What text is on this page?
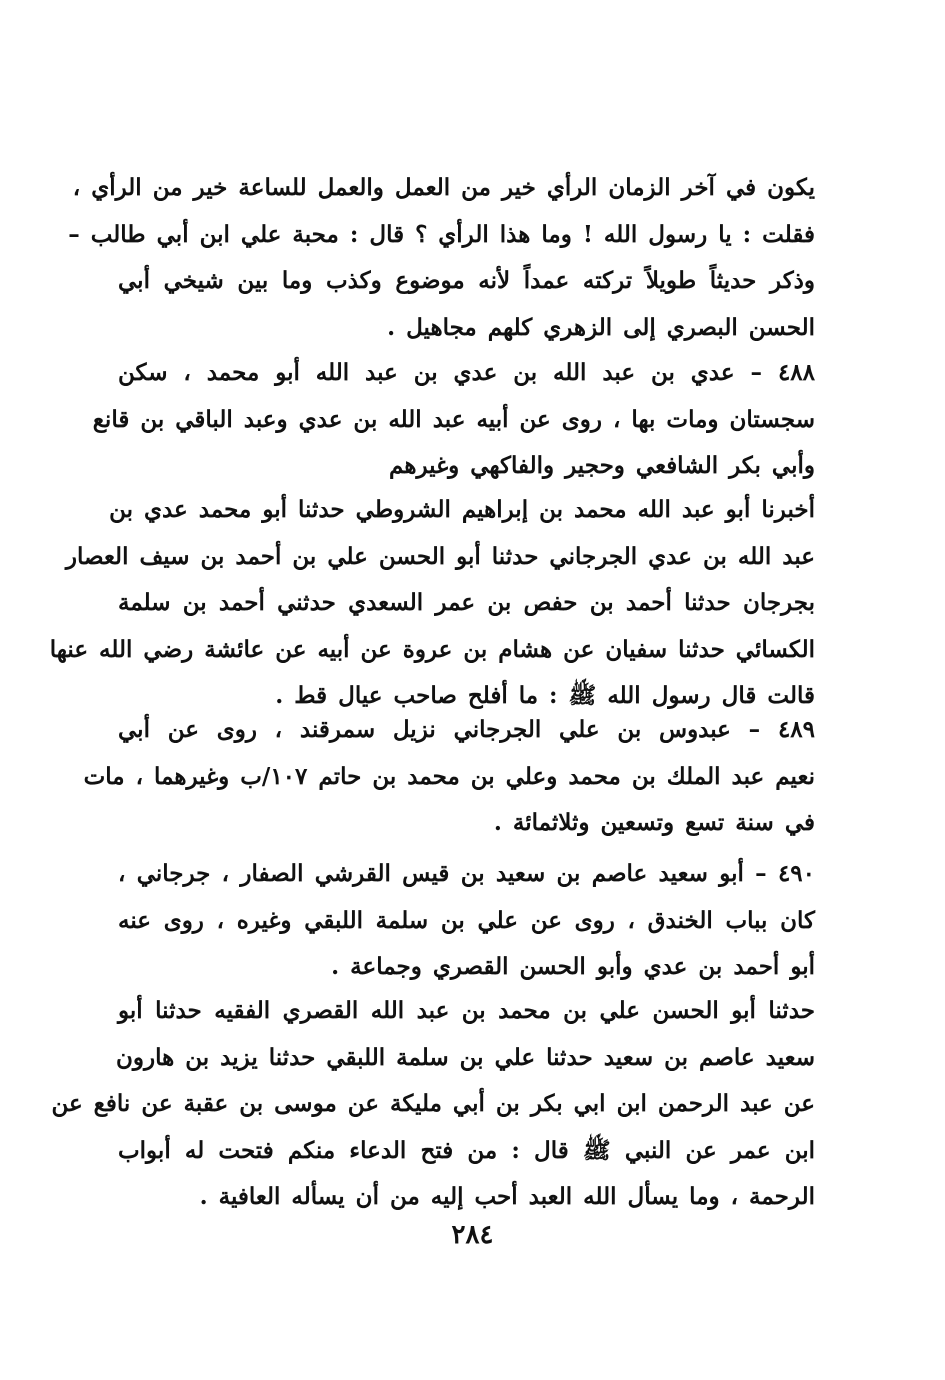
يكون في آخر الزمان الرأي خير من العمل والعمل للساعة خير من الرأي ،
فقلت : يا رسول الله ! وما هذا الرأي ؟ قال : محبة علي ابن أبي طالب –
وذكر حديثاً طويلاً تركته عمداً لأنه موضوع وكذب وما بين شيخي أبي
الحسن البصري إلى الزهري كلهم مجاهيل .
٤٨٨ – عدي بن عبد الله بن عدي بن عبد الله أبو محمد ، سكن
سجستان ومات بها ، روى عن أبيه عبد الله بن عدي وعبد الباقي بن قانع
وأبي بكر الشافعي وحجير والفاكهي وغيرهم
أخبرنا أبو عبد الله محمد بن إبراهيم الشروطي حدثنا أبو محمد عدي بن
عبد الله بن عدي الجرجاني حدثنا أبو الحسن علي بن أحمد بن سيف العصار
بجرجان حدثنا أحمد بن حفص بن عمر السعدي حدثني أحمد بن سلمة
الكسائي حدثنا سفيان عن هشام بن عروة عن أبيه عن عائشة رضي الله عنها
قالت قال رسول الله ﷺ : ما أفلح صاحب عيال قط .
٤٨٩ – عبدوس بن علي الجرجاني نزيل سمرقند ، روى عن أبي
نعيم عبد الملك بن محمد وعلي بن محمد بن حاتم ١٠٧/ب وغيرهما ، مات
في سنة تسع وتسعين وثلاثمائة .
٤٩٠ – أبو سعيد عاصم بن سعيد بن قيس القرشي الصفار ، جرجاني ،
كان بباب الخندق ، روى عن علي بن سلمة اللبقي وغيره ، روى عنه
أبو أحمد بن عدي وأبو الحسن القصري وجماعة .
حدثنا أبو الحسن علي بن محمد بن عبد الله القصري الفقيه حدثنا أبو
سعيد عاصم بن سعيد حدثنا علي بن سلمة اللبقي حدثنا يزيد بن هارون
عن عبد الرحمن ابن ابي بكر بن أبي مليكة عن موسى بن عقبة عن نافع عن
ابن عمر عن النبي ﷺ قال : من فتح الدعاء منكم فتحت له أبواب
الرحمة ، وما يسأل الله العبد أحب إليه من أن يسأله العافية .
٢٨٤
